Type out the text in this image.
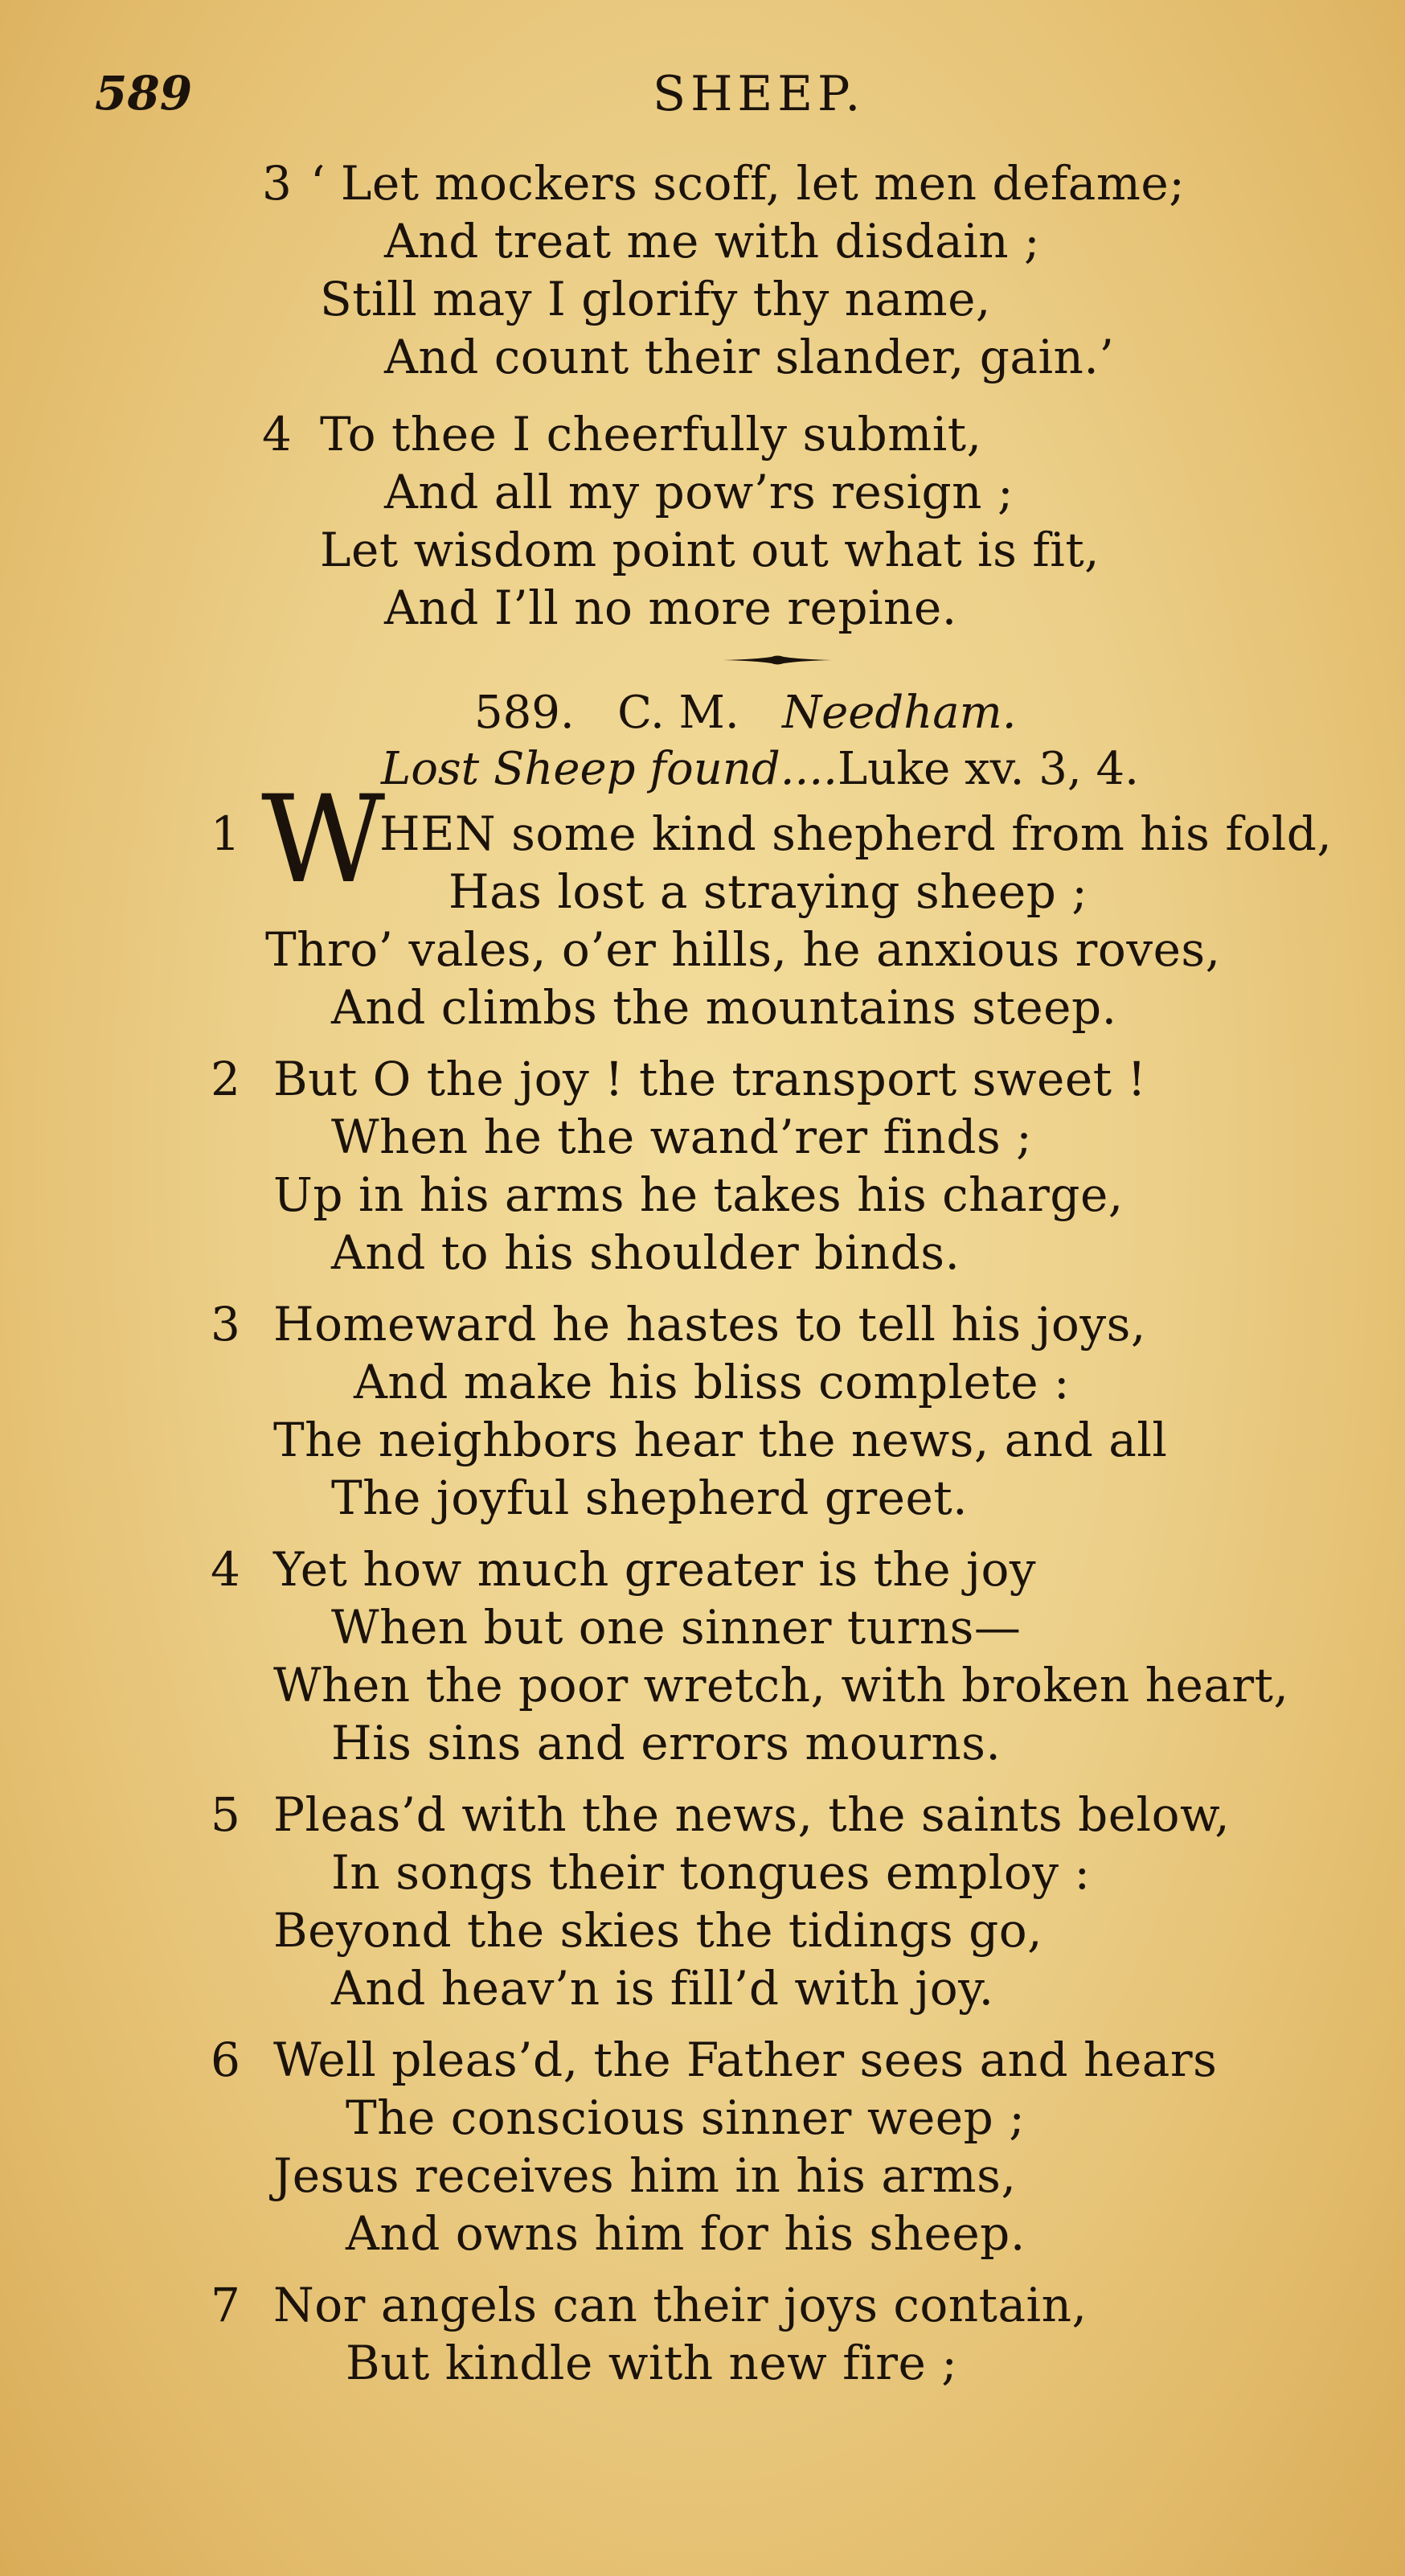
589	SHEEP.
3 ‘ Let mockers scoff, let men defame;
And treat me with disdain ;
Still may I glorify thy name,
And count their slander, gain.’
4 To thee I cheerfully submit,
And all my pow’rs resign ;
Let wisdom point out what is fit,
And I’ll no more repine.
589. C. M. Needham.
Lost Sheep found....Luke xv. 3, 4.
1 W
HEN some kind shepherd from his fold,
Has lost a straying sheep ;
Thro’ vales, o’er hills, he anxious roves,
And climbs the mountains steep.
2 But O the joy ! the transport sweet !
When he the wand’rer finds ;
Up in his arms he takes his charge,
And to his shoulder binds.
3 Homeward he hastes to tell his joys,
And make his bliss complete :
The neighbors hear the news, and all
The joyful shepherd greet.
4 Yet how much greater is the joy
When but one sinner turns—
When the poor wretch, with broken heart,
His sins and errors mourns.
5 Pleas’d with the news, the saints below,
In songs their tongues employ :
Beyond the skies the tidings go,
And heav’n is fill’d with joy.
6 Well pleas’d, the Father sees and hears
The conscious sinner weep ;
Jesus receives him in his arms,
And owns him for his sheep.
7 Nor angels can their joys contain,
But kindle with new fire ;
